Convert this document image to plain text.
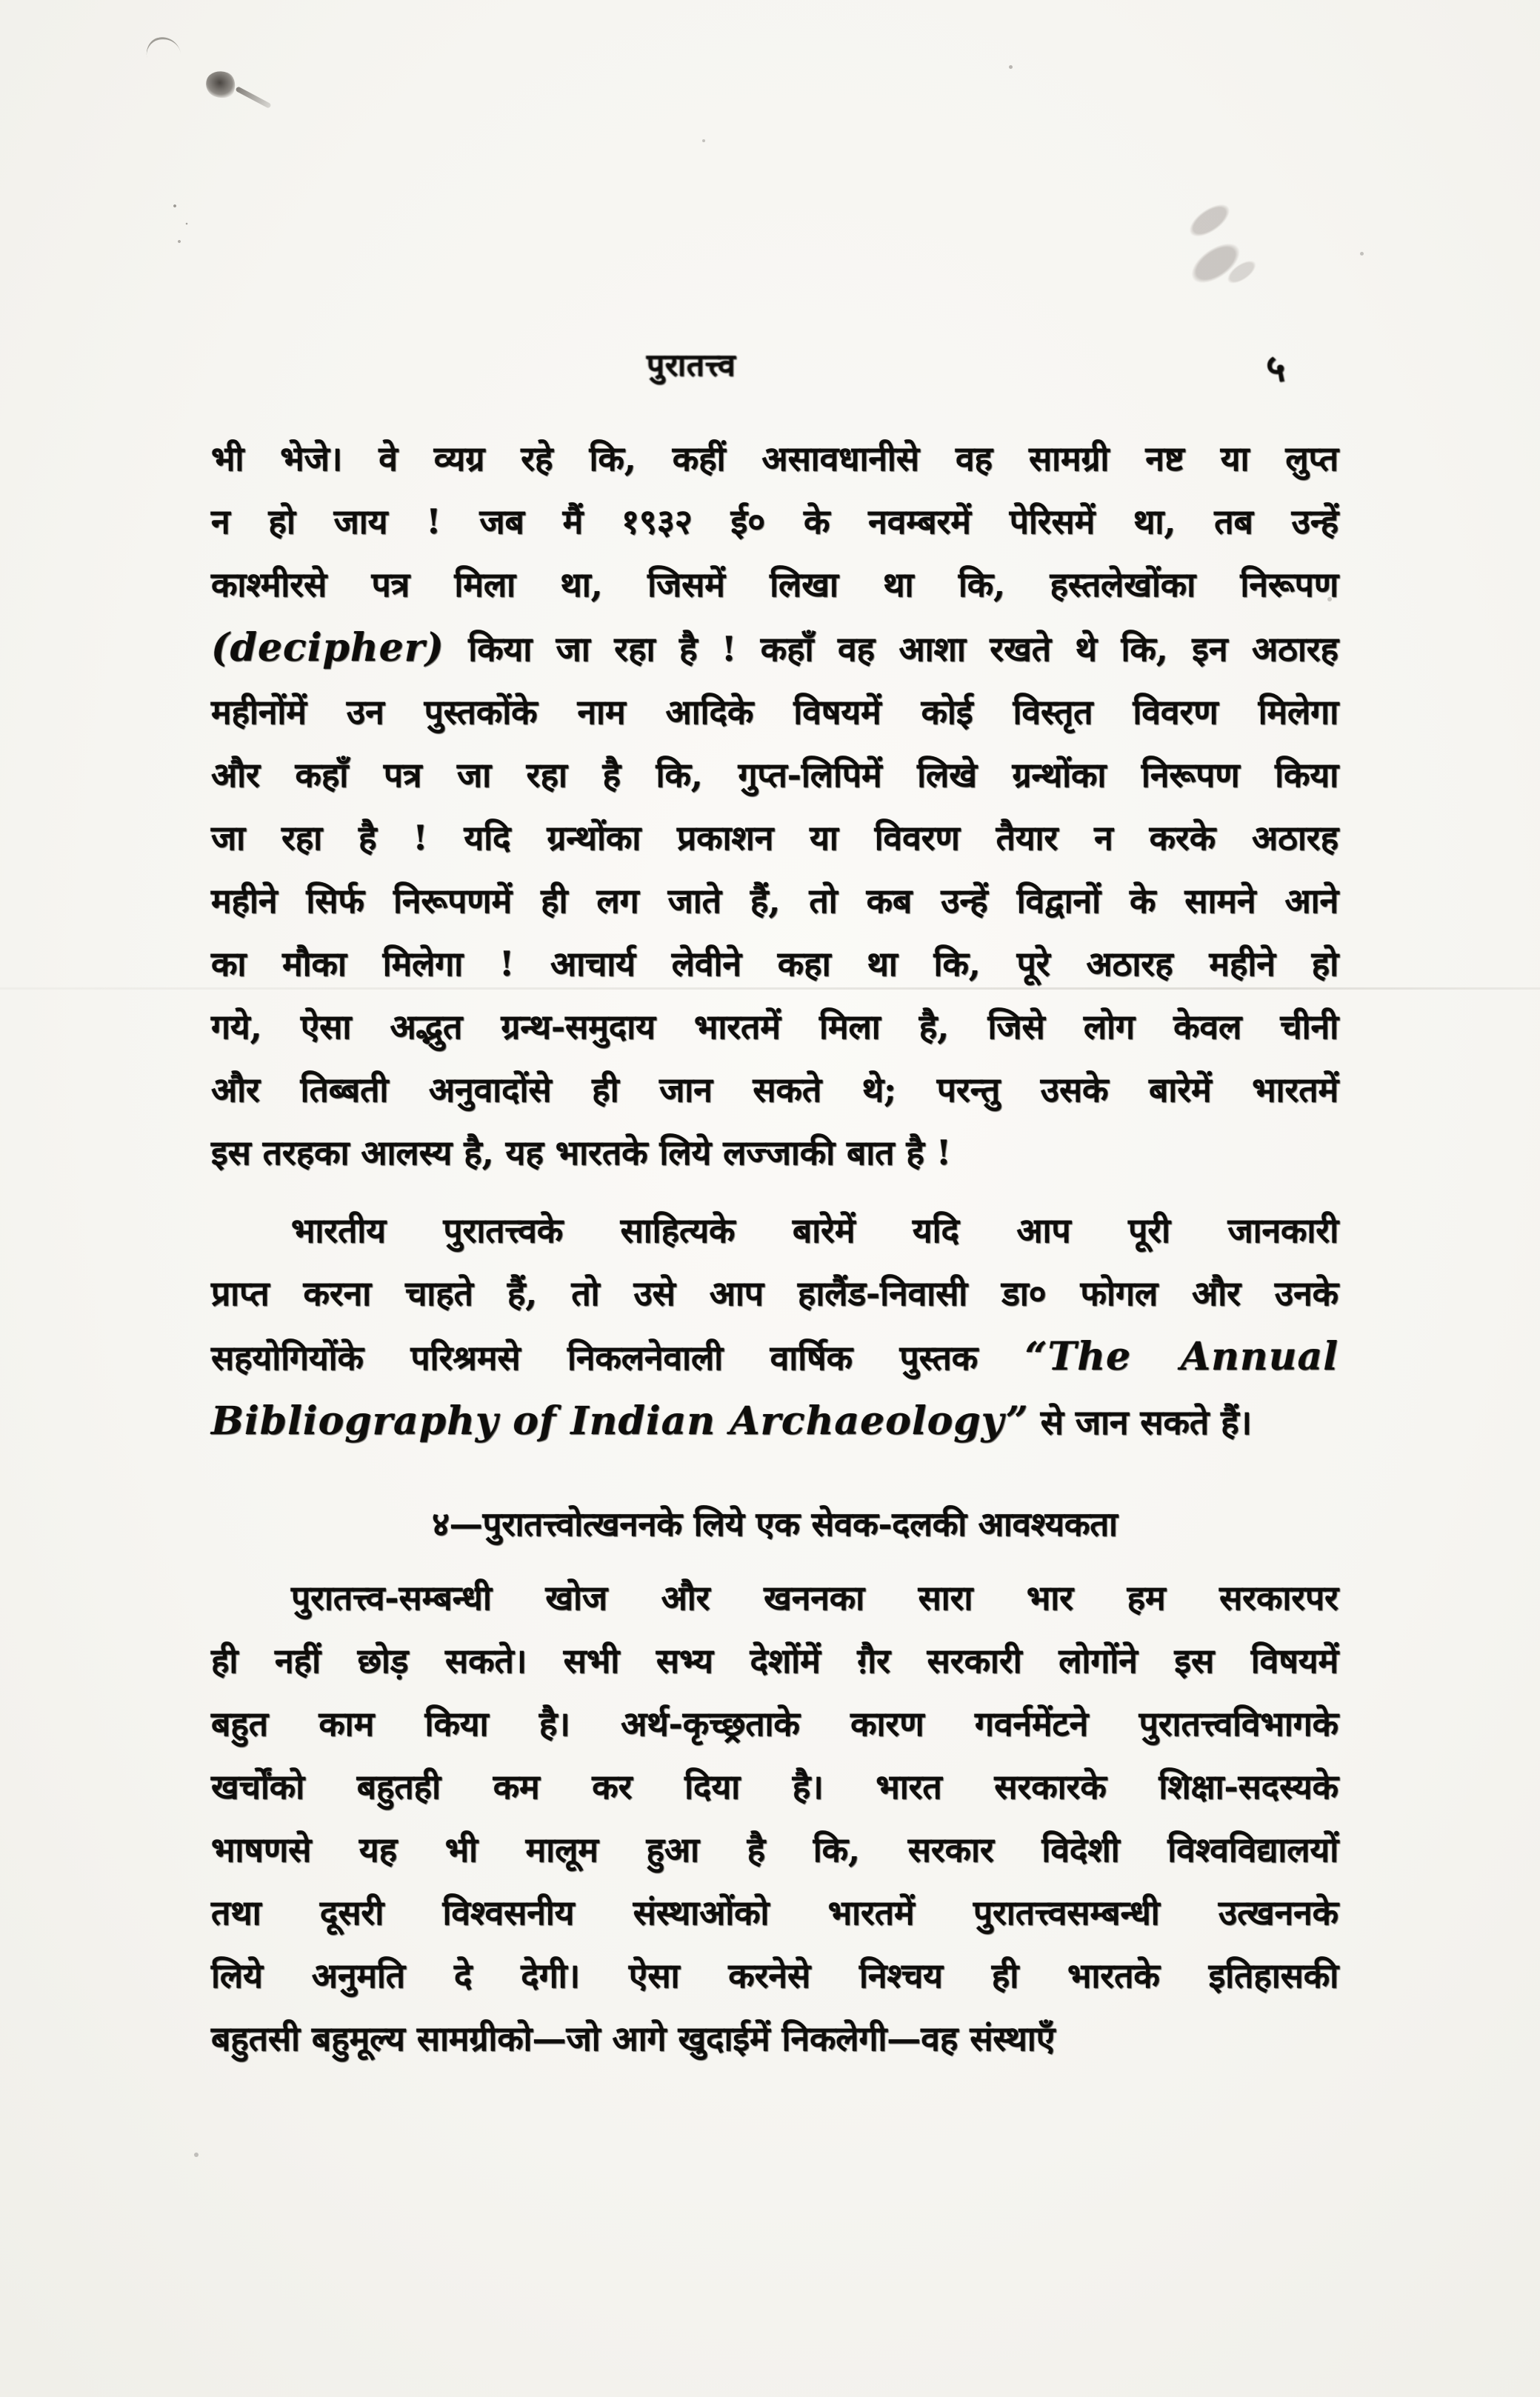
पुरातत्त्व	५
भी भेजे। वे व्यग्र रहे कि, कहीं असावधानीसे वह सामग्री नष्ट या लुप्त
न हो जाय ! जब मैं १९३२ ई० के नवम्बरमें पेरिसमें था, तब उन्हें
काश्मीरसे पत्र मिला था, जिसमें लिखा था कि, हस्तलेखोंका निरूपण
(decipher) किया जा रहा है ! कहाँ वह आशा रखते थे कि, इन अठारह
महीनोंमें उन पुस्तकोंके नाम आदिके विषयमें कोई विस्तृत विवरण मिलेगा
और कहाँ पत्र जा रहा है कि, गुप्त-लिपिमें लिखे ग्रन्थोंका निरूपण किया
जा रहा है ! यदि ग्रन्थोंका प्रकाशन या विवरण तैयार न करके अठारह
महीने सिर्फ निरूपणमें ही लग जाते हैं, तो कब उन्हें विद्वानों के सामने आने
का मौका मिलेगा ! आचार्य लेवीने कहा था कि, पूरे अठारह महीने हो
गये, ऐसा अद्भुत ग्रन्थ-समुदाय भारतमें मिला है, जिसे लोग केवल चीनी
और तिब्बती अनुवादोंसे ही जान सकते थे; परन्तु उसके बारेमें भारतमें
इस तरहका आलस्य है, यह भारतके लिये लज्जाकी बात है !
भारतीय पुरातत्त्वके साहित्यके बारेमें यदि आप पूरी जानकारी
प्राप्त करना चाहते हैं, तो उसे आप हालैंड-निवासी डा० फोगल और उनके
सहयोगियोंके परिश्रमसे निकलनेवाली वार्षिक पुस्तक “The Annual
Bibliography of Indian Archaeology” से जान सकते हैं।
४—पुरातत्त्वोत्खननके लिये एक सेवक-दलकी आवश्यकता
पुरातत्त्व-सम्बन्धी खोज और खननका सारा भार हम सरकारपर
ही नहीं छोड़ सकते। सभी सभ्य देशोंमें ग़ैर सरकारी लोगोंने इस विषयमें
बहुत काम किया है। अर्थ-कृच्छ्रताके कारण गवर्नमेंटने पुरातत्त्वविभागके
खर्चोंको बहुतही कम कर दिया है। भारत सरकारके शिक्षा-सदस्यके
भाषणसे यह भी मालूम हुआ है कि, सरकार विदेशी विश्वविद्यालयों
तथा दूसरी विश्वसनीय संस्थाओंको भारतमें पुरातत्त्वसम्बन्धी उत्खननके
लिये अनुमति दे देगी। ऐसा करनेसे निश्चय ही भारतके इतिहासकी
बहुतसी बहुमूल्य सामग्रीको—जो आगे खुदाईमें निकलेगी—वह संस्थाएँ
